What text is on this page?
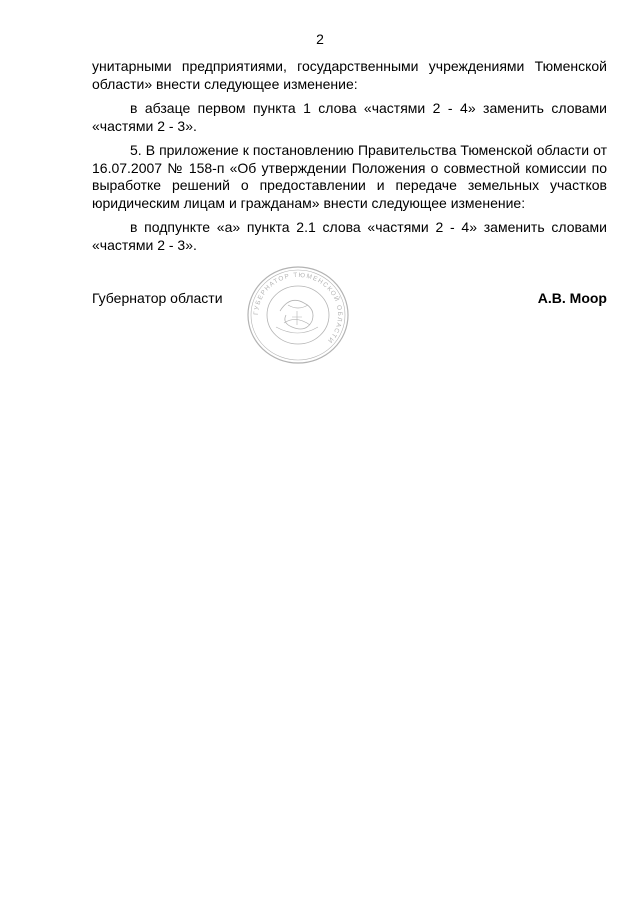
2

унитарными предприятиями, государственными учреждениями Тюменской области» внести следующее изменение:

в абзаце первом пункта 1 слова «частями 2 - 4» заменить словами «частями 2 - 3».

5. В приложение к постановлению Правительства Тюменской области от 16.07.2007 № 158-п «Об утверждении Положения о совместной комиссии по выработке решений о предоставлении и передаче земельных участков юридическим лицам и гражданам» внести следующее изменение:

в подпункте «а» пункта 2.1 слова «частями 2 - 4» заменить словами «частями 2 - 3».

Губернатор области	А.В. Моор
ГУБЕРНАТОР ТЮМЕНСКОЙ ОБЛАСТИ
